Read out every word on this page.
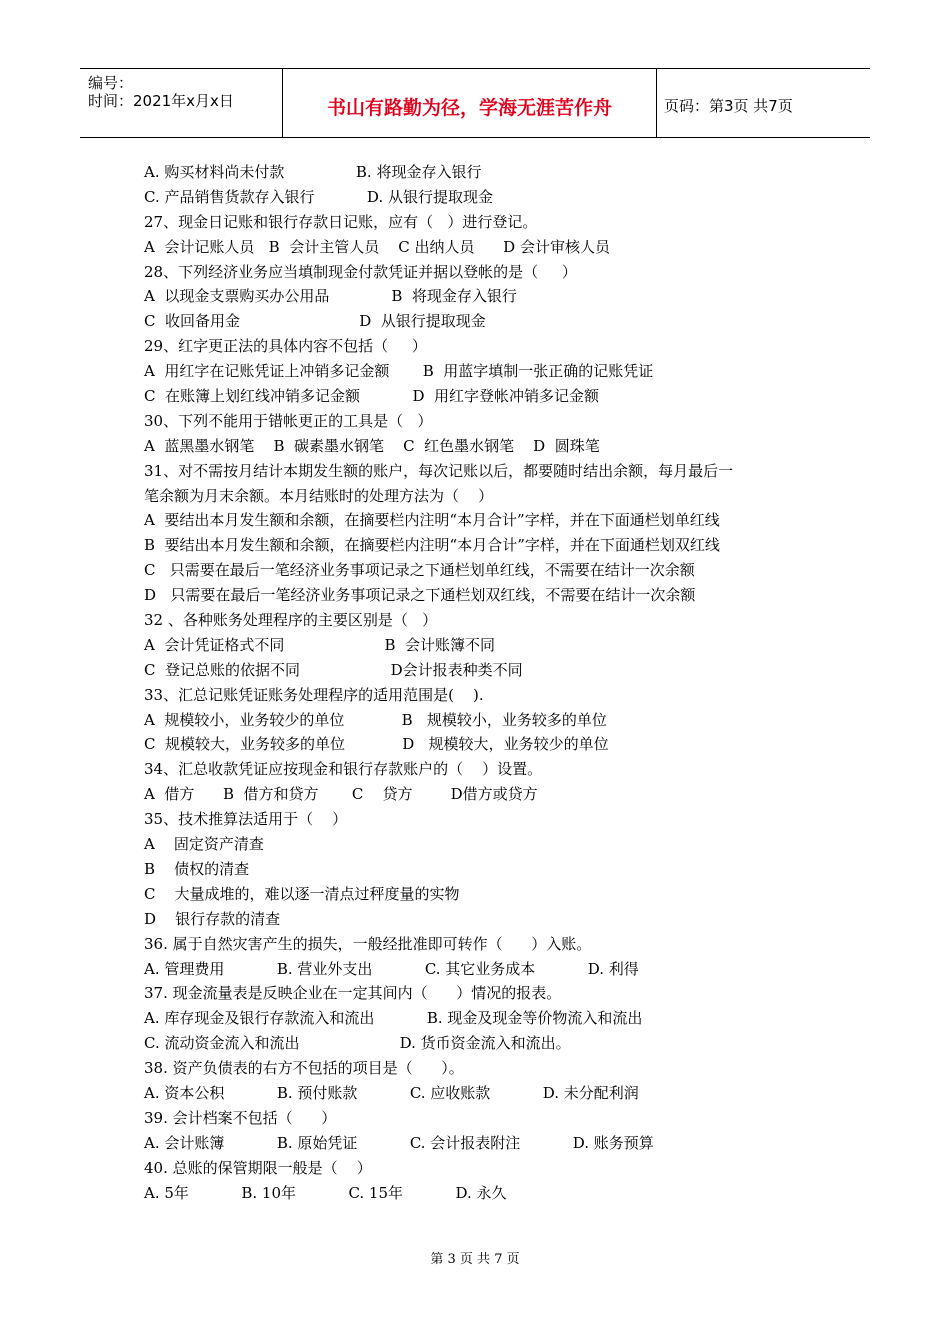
编号：
时间：2021年x月x日	书山有路勤为径，学海无涯苦作舟	页码：第3页 共7页
A. 购买材料尚未付款               B. 将现金存入银行
C. 产品销售货款存入银行           D. 从银行提取现金
27、现金日记账和银行存款日记账，应有（   ）进行登记。
A  会计记账人员   B  会计主管人员    C 出纳人员      D 会计审核人员
28、下列经济业务应当填制现金付款凭证并据以登帐的是（     ）
A  以现金支票购买办公用品             B  将现金存入银行
C  收回备用金                         D  从银行提取现金
29、红字更正法的具体内容不包括（     ）
A  用红字在记账凭证上冲销多记金额       B  用蓝字填制一张正确的记账凭证
C  在账簿上划红线冲销多记金额           D  用红字登帐冲销多记金额
30、下列不能用于错帐更正的工具是（   ）
A  蓝黑墨水钢笔    B  碳素墨水钢笔    C  红色墨水钢笔    D  圆珠笔
31、对不需按月结计本期发生额的账户，每次记账以后，都要随时结出余额，每月最后一
笔余额为月末余额。本月结账时的处理方法为（    ）
A  要结出本月发生额和余额，在摘要栏内注明“本月合计”字样，并在下面通栏划单红线
B  要结出本月发生额和余额，在摘要栏内注明“本月合计”字样，并在下面通栏划双红线
C   只需要在最后一笔经济业务事项记录之下通栏划单红线，不需要在结计一次余额
D   只需要在最后一笔经济业务事项记录之下通栏划双红线，不需要在结计一次余额
32 、各种账务处理程序的主要区别是（   ）
A  会计凭证格式不同                     B  会计账簿不同
C  登记总账的依据不同                   D会计报表种类不同
33、汇总记账凭证账务处理程序的适用范围是(    ).
A  规模较小，业务较少的单位            B   规模较小，业务较多的单位
C  规模较大，业务较多的单位            D   规模较大，业务较少的单位
34、汇总收款凭证应按现金和银行存款账户的（    ）设置。
A  借方      B  借方和贷方       C    贷方        D借方或贷方
35、技术推算法适用于（    ）
A    固定资产清查
B    债权的清查
C    大量成堆的，难以逐一清点过秤度量的实物
D    银行存款的清查
36. 属于自然灾害产生的损失，一般经批准即可转作（      ）入账。
A. 管理费用           B. 营业外支出           C. 其它业务成本           D. 利得
37. 现金流量表是反映企业在一定其间内（      ）情况的报表。
A. 库存现金及银行存款流入和流出           B. 现金及现金等价物流入和流出
C. 流动资金流入和流出                     D. 货币资金流入和流出。
38. 资产负债表的右方不包括的项目是（      ）。
A. 资本公积           B. 预付账款           C. 应收账款           D. 未分配利润
39. 会计档案不包括（      ）
A. 会计账簿           B. 原始凭证           C. 会计报表附注           D. 账务预算
40. 总账的保管期限一般是（    ）
A. 5年           B. 10年           C. 15年           D. 永久
第 3 页 共 7 页
